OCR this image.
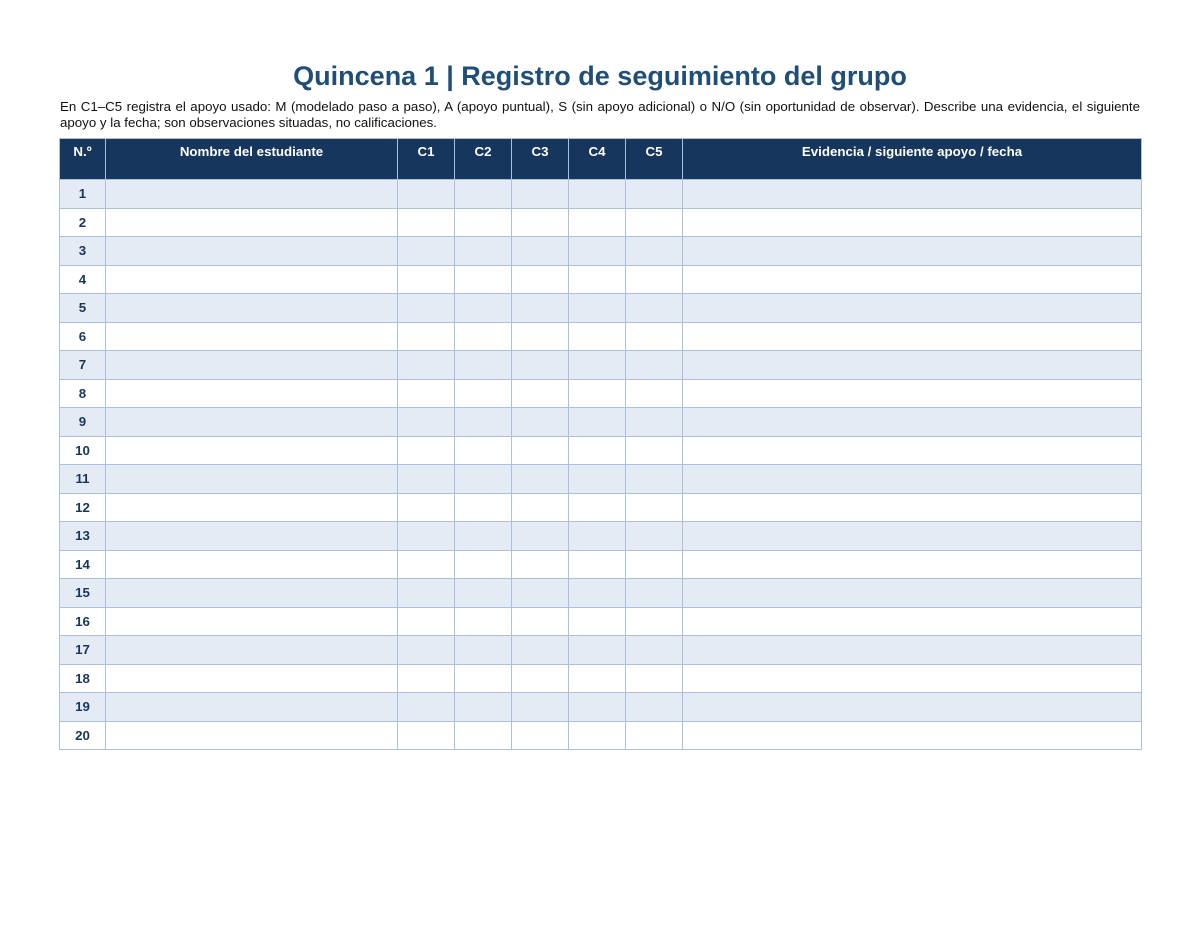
Quincena 1 | Registro de seguimiento del grupo
En C1–C5 registra el apoyo usado: M (modelado paso a paso), A (apoyo puntual), S (sin apoyo adicional) o N/O (sin oportunidad de observar). Describe una evidencia, el siguiente apoyo y la fecha; son observaciones situadas, no calificaciones.
N.º	Nombre del estudiante	C1	C2	C3	C4	C5	Evidencia / siguiente apoyo / fecha
1							
2							
3							
4							
5							
6							
7							
8							
9							
10							
11							
12							
13							
14							
15							
16							
17							
18							
19							
20							
